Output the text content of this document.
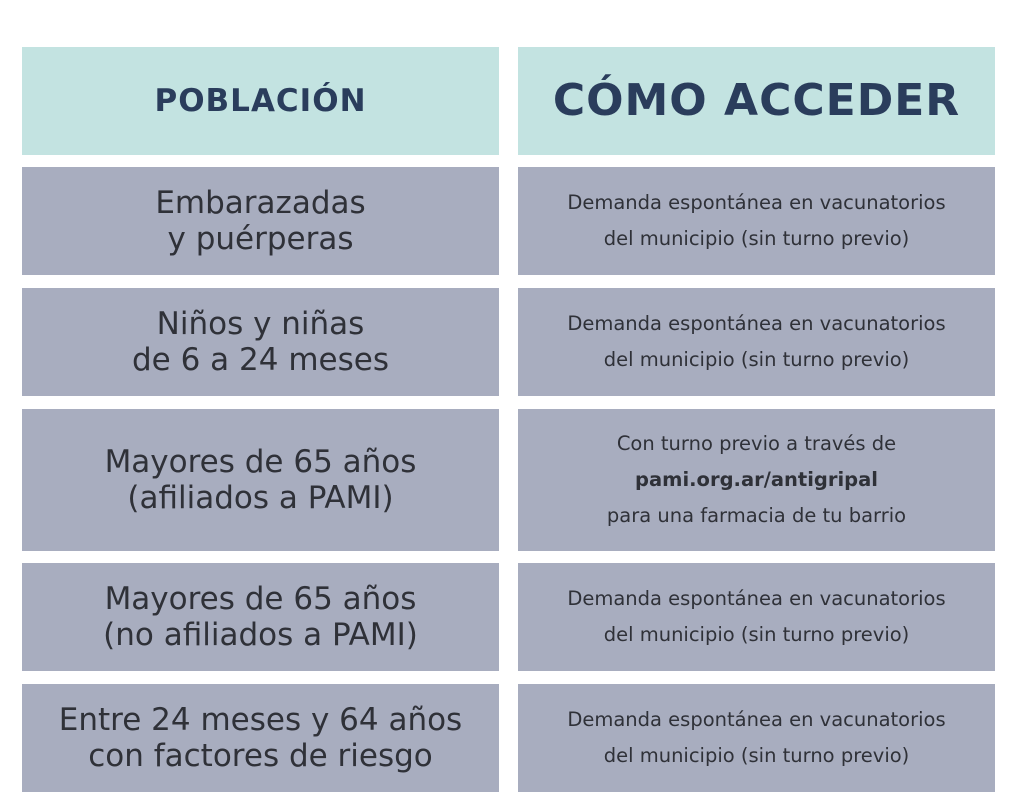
POBLACIÓN	CÓMO ACCEDER
Embarazadas
y puérperas
Demanda espontánea en vacunatorios
del municipio (sin turno previo)
Niños y niñas
de 6 a 24 meses
Demanda espontánea en vacunatorios
del municipio (sin turno previo)
Mayores de 65 años
(afiliados a PAMI)
Con turno previo a través de
pami.org.ar/antigripal
para una farmacia de tu barrio
Mayores de 65 años
(no afiliados a PAMI)
Demanda espontánea en vacunatorios
del municipio (sin turno previo)
Entre 24 meses y 64 años
con factores de riesgo
Demanda espontánea en vacunatorios
del municipio (sin turno previo)
